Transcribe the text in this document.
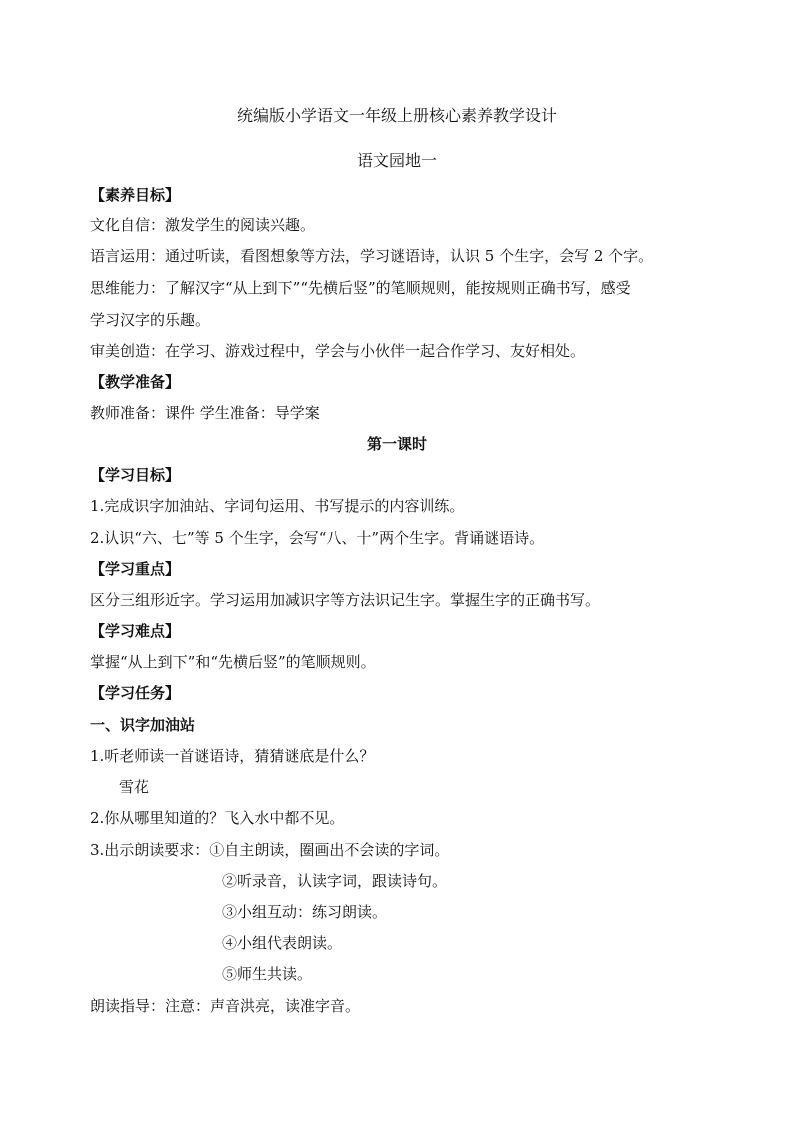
统编版小学语文一年级上册核心素养教学设计
语文园地一
【素养目标】
文化自信：激发学生的阅读兴趣。
语言运用：通过听读，看图想象等方法，学习谜语诗，认识 5 个生字，会写 2 个字。
思维能力：了解汉字“从上到下”“先横后竖”的笔顺规则，能按规则正确书写，感受
学习汉字的乐趣。
审美创造：在学习、游戏过程中，学会与小伙伴一起合作学习、友好相处。
【教学准备】
教师准备：课件 学生准备：导学案
第一课时
【学习目标】
1.完成识字加油站、字词句运用、书写提示的内容训练。
2.认识“六、七”等 5 个生字，会写“八、十”两个生字。背诵谜语诗。
【学习重点】
区分三组形近字。学习运用加减识字等方法识记生字。掌握生字的正确书写。
【学习难点】
掌握“从上到下”和“先横后竖”的笔顺规则。
【学习任务】
一、识字加油站
1.听老师读一首谜语诗，猜猜谜底是什么？
雪花
2.你从哪里知道的？飞入水中都不见。
3.出示朗读要求：①自主朗读，圈画出不会读的字词。
②听录音，认读字词，跟读诗句。
③小组互动：练习朗读。
④小组代表朗读。
⑤师生共读。
朗读指导：注意：声音洪亮，读准字音。
